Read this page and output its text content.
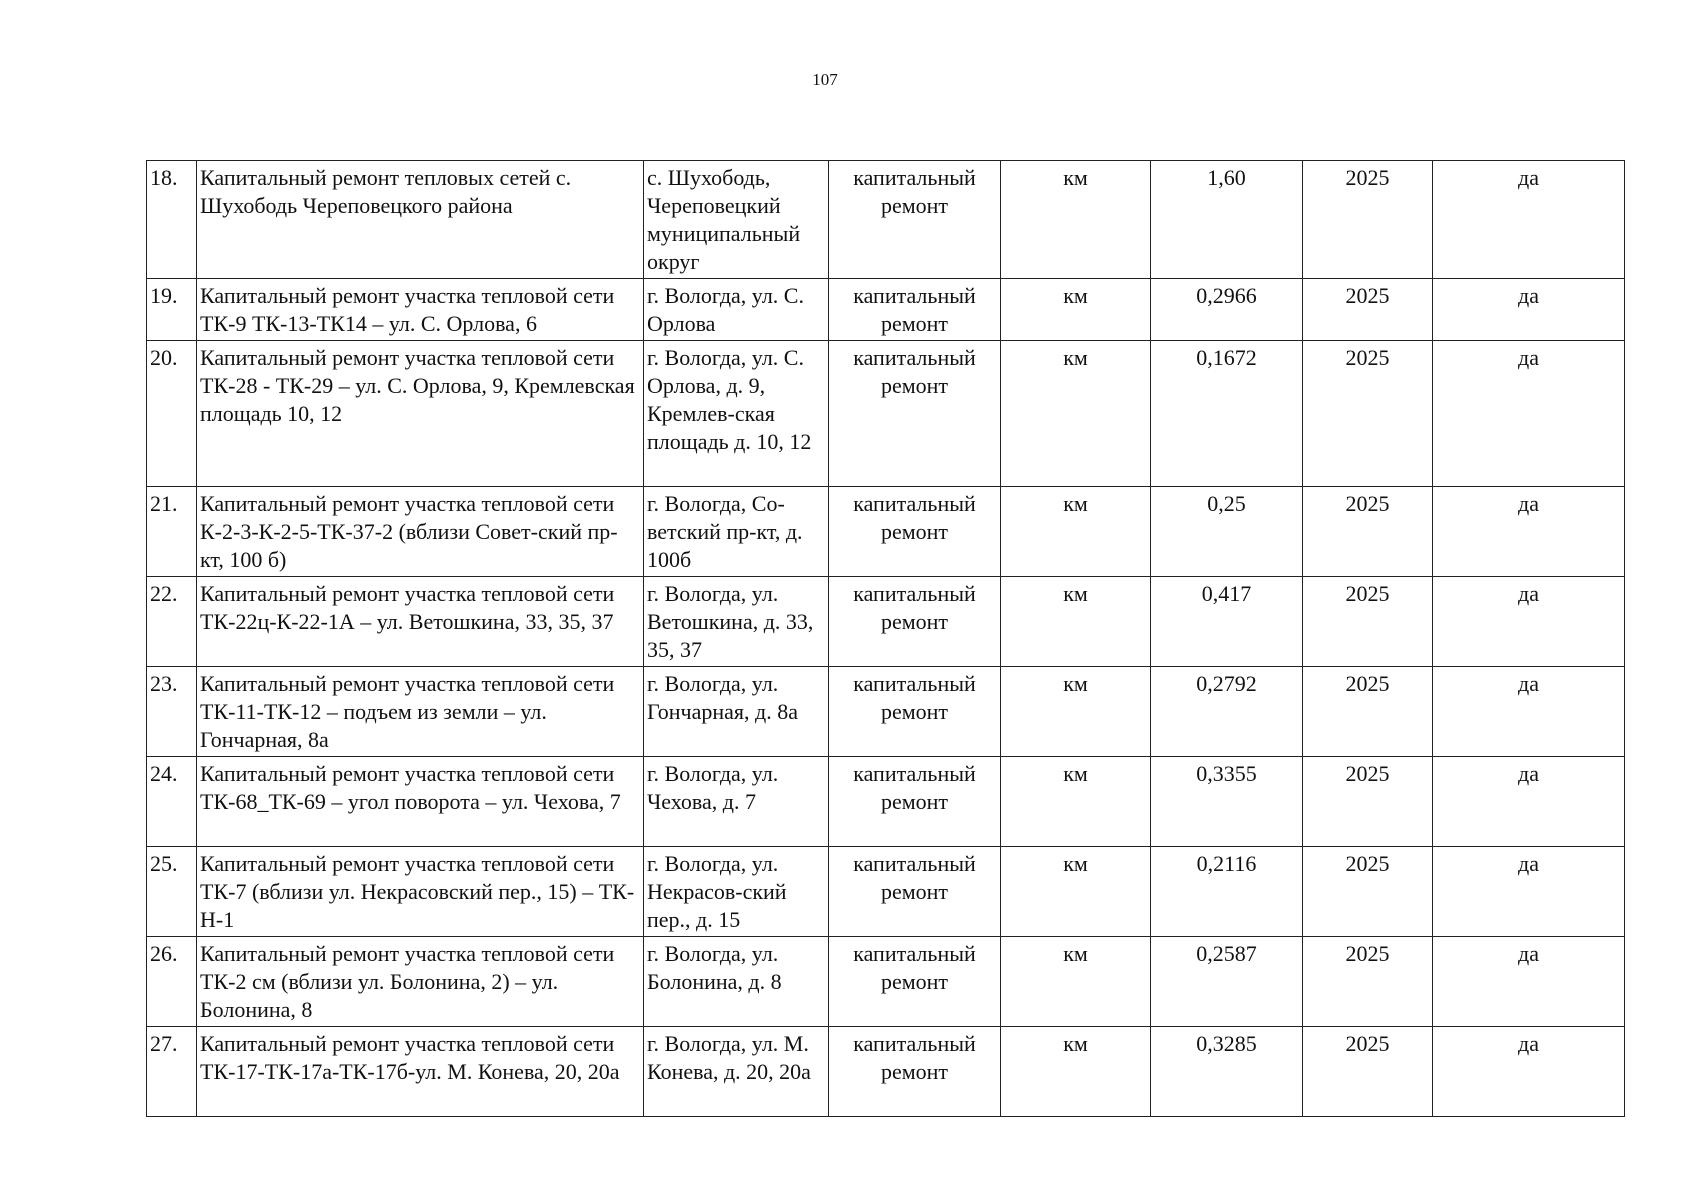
107
18.	Капитальный ремонт тепловых сетей с. Шухободь Череповецкого района	с. Шухободь, Череповецкий муниципальный округ	капитальный ремонт	км	1,60	2025	да
19.	Капитальный ремонт участка тепловой сети ТК-9 ТК-13-ТК14 – ул. С. Орлова, 6	г. Вологда, ул. С. Орлова	капитальный ремонт	км	0,2966	2025	да
20.	Капитальный ремонт участка тепловой сети ТК-28 - ТК-29 – ул. С. Орлова, 9, Кремлевская площадь 10, 12	г. Вологда, ул. С. Орлова, д. 9, Кремлев-ская площадь д. 10, 12	капитальный ремонт	км	0,1672	2025	да
21.	Капитальный ремонт участка тепловой сети К-2-3-К-2-5-ТК-37-2 (вблизи Совет-ский пр-кт, 100 б)	г. Вологда, Со-ветский пр-кт, д. 100б	капитальный ремонт	км	0,25	2025	да
22.	Капитальный ремонт участка тепловой сети ТК-22ц-К-22-1А – ул. Ветошкина, 33, 35, 37	г. Вологда, ул. Ветошкина, д. 33, 35, 37	капитальный ремонт	км	0,417	2025	да
23.	Капитальный ремонт участка тепловой сети ТК-11-ТК-12 – подъем из земли – ул. Гончарная, 8а	г. Вологда, ул. Гончарная, д. 8а	капитальный ремонт	км	0,2792	2025	да
24.	Капитальный ремонт участка тепловой сети ТК-68_ТК-69 – угол поворота – ул. Чехова, 7	г. Вологда, ул. Чехова, д. 7	капитальный ремонт	км	0,3355	2025	да
25.	Капитальный ремонт участка тепловой сети ТК-7 (вблизи ул. Некрасовский пер., 15) – ТК-Н-1	г. Вологда, ул. Некрасов-ский пер., д. 15	капитальный ремонт	км	0,2116	2025	да
26.	Капитальный ремонт участка тепловой сети ТК-2 см (вблизи ул. Болонина, 2) – ул. Болонина, 8	г. Вологда, ул. Болонина, д. 8	капитальный ремонт	км	0,2587	2025	да
27.	Капитальный ремонт участка тепловой сети ТК-17-ТК-17а-ТК-17б-ул. М. Конева, 20, 20а	г. Вологда, ул. М. Конева, д. 20, 20а	капитальный ремонт	км	0,3285	2025	да
